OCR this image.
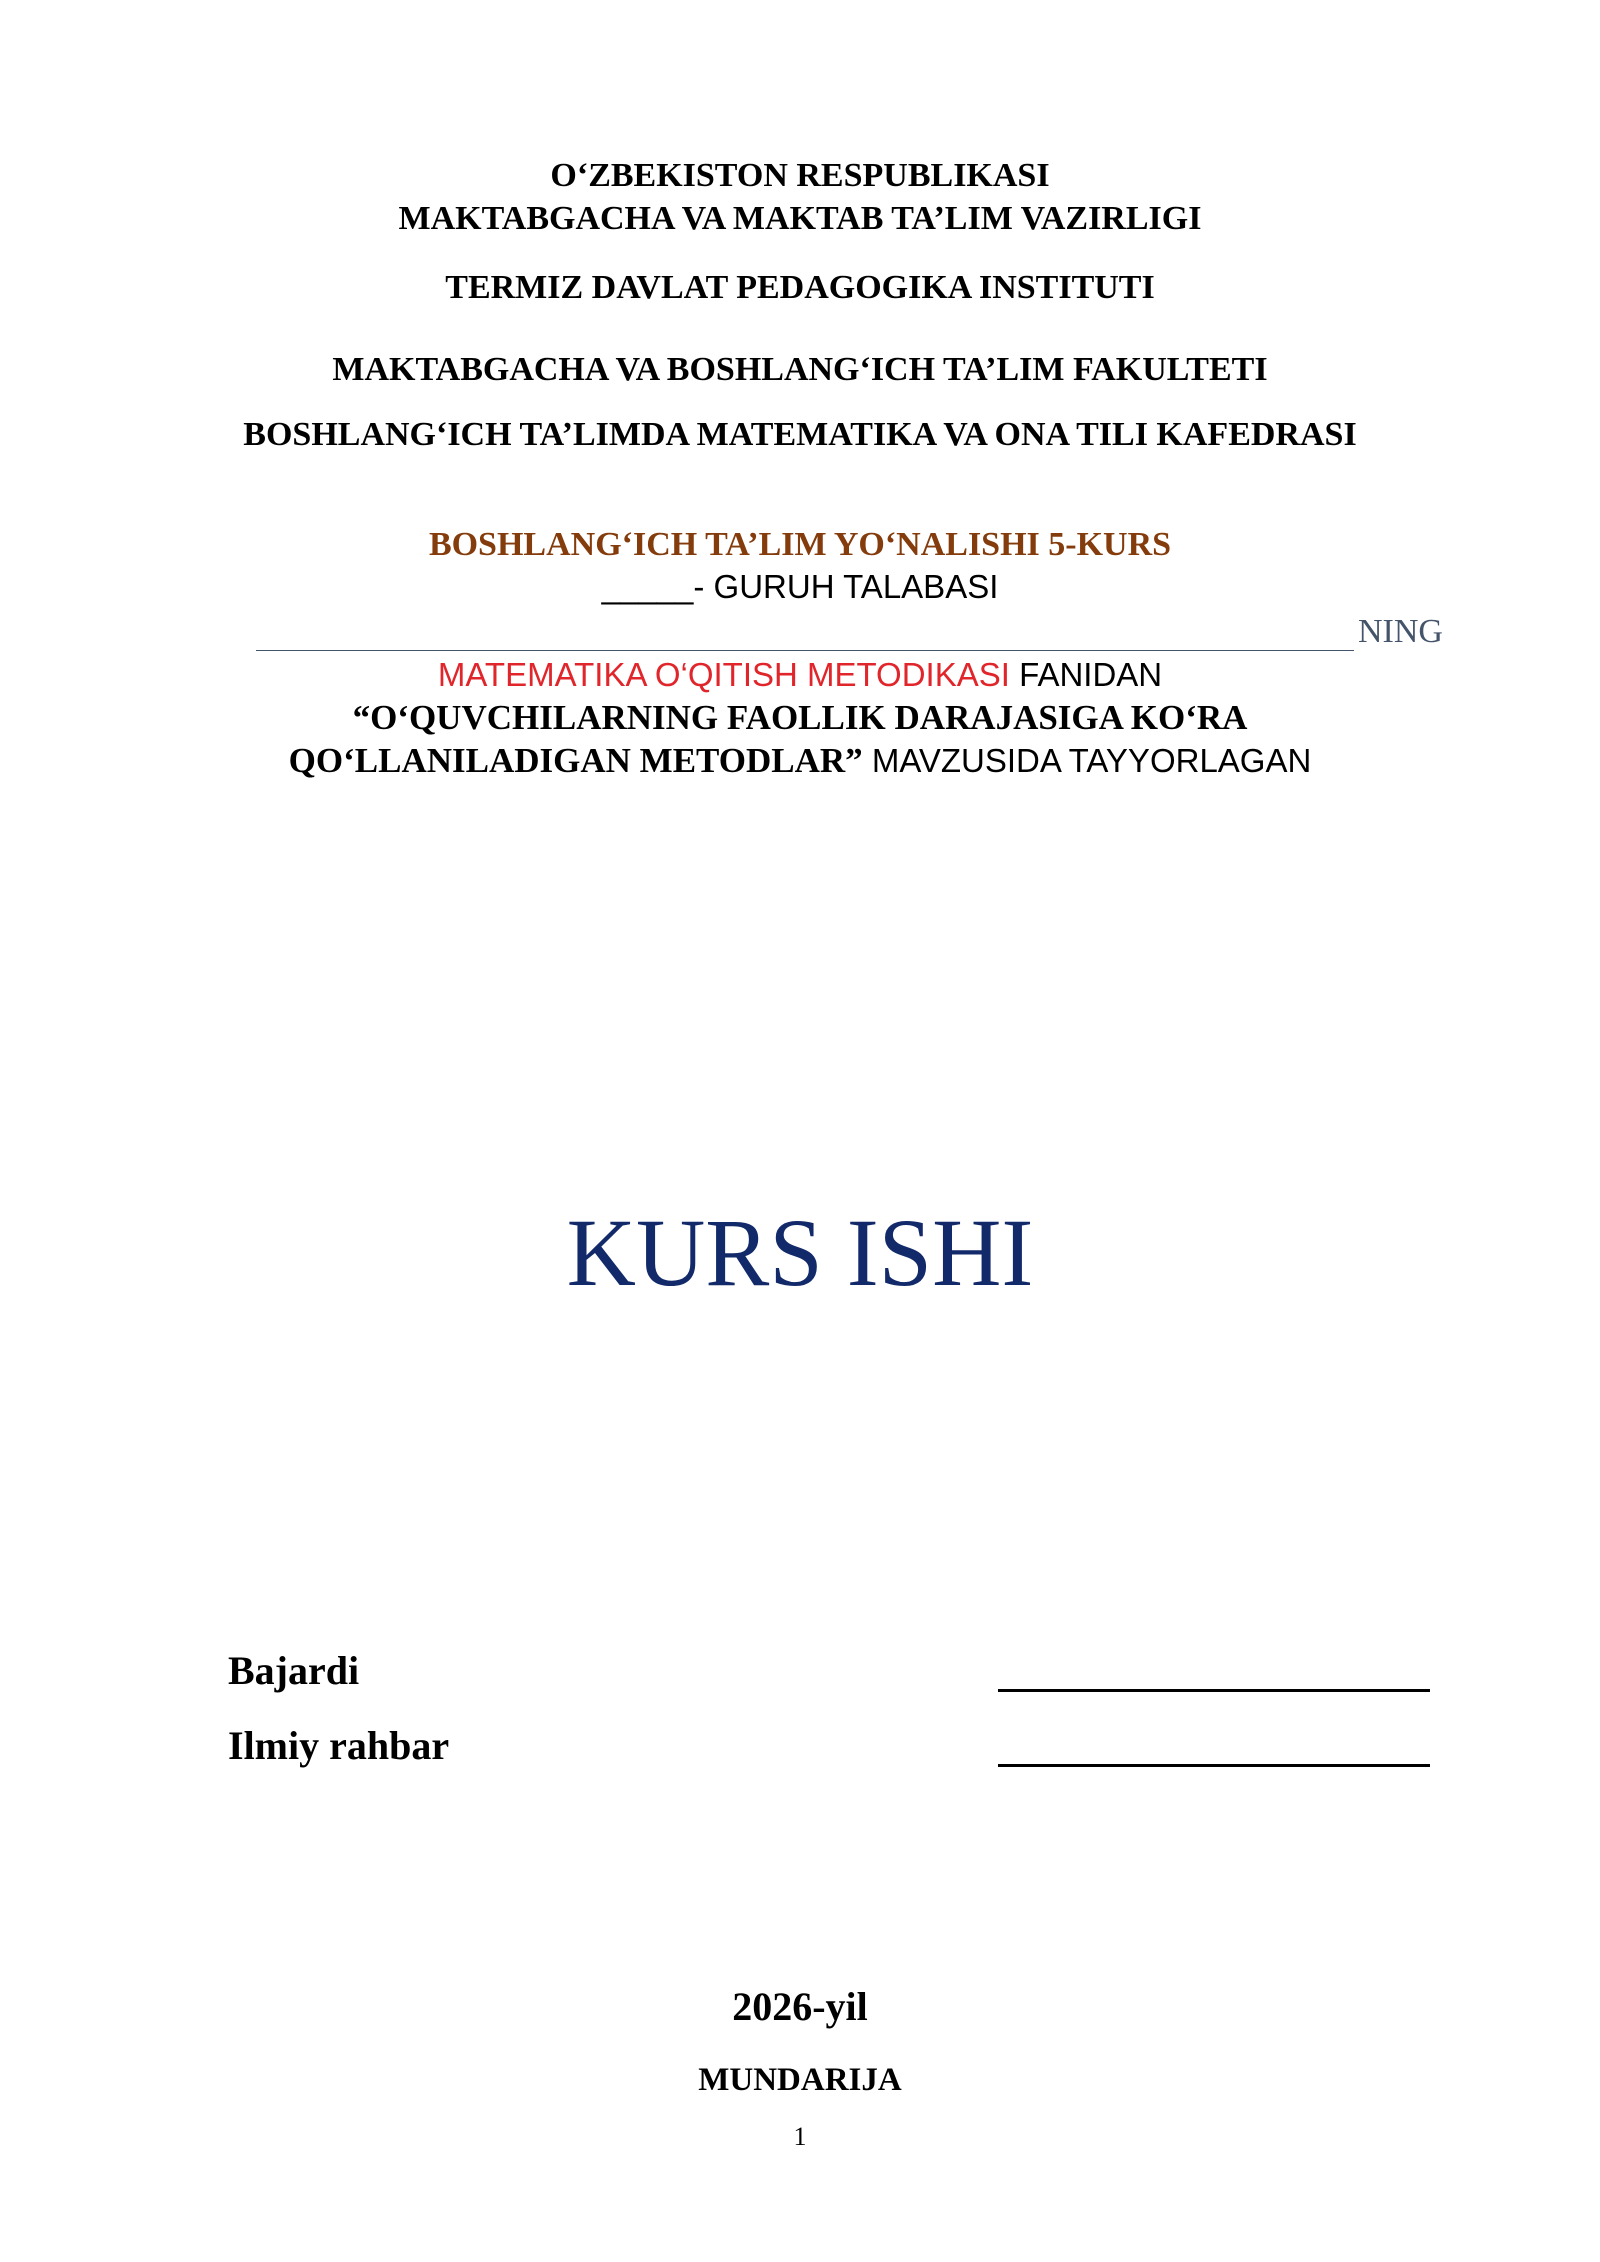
O‘ZBEKISTON RESPUBLIKASI
MAKTABGACHA VA MAKTAB TA’LIM VAZIRLIGI
TERMIZ DAVLAT PEDAGOGIKA INSTITUTI
MAKTABGACHA VA BOSHLANG‘ICH TA’LIM FAKULTETI
BOSHLANG‘ICH TA’LIMDA MATEMATIKA VA ONA TILI KAFEDRASI
BOSHLANG‘ICH TA’LIM YO‘NALISHI 5-KURS
_____- GURUH TALABASI
NING
MATEMATIKA O‘QITISH METODIKASI FANIDAN
“O‘QUVCHILARNING FAOLLIK DARAJASIGA KO‘RA
QO‘LLANILADIGAN METODLAR” MAVZUSIDA TAYYORLAGAN
KURS ISHI
Bajardi
Ilmiy rahbar
2026-yil
MUNDARIJA
1
